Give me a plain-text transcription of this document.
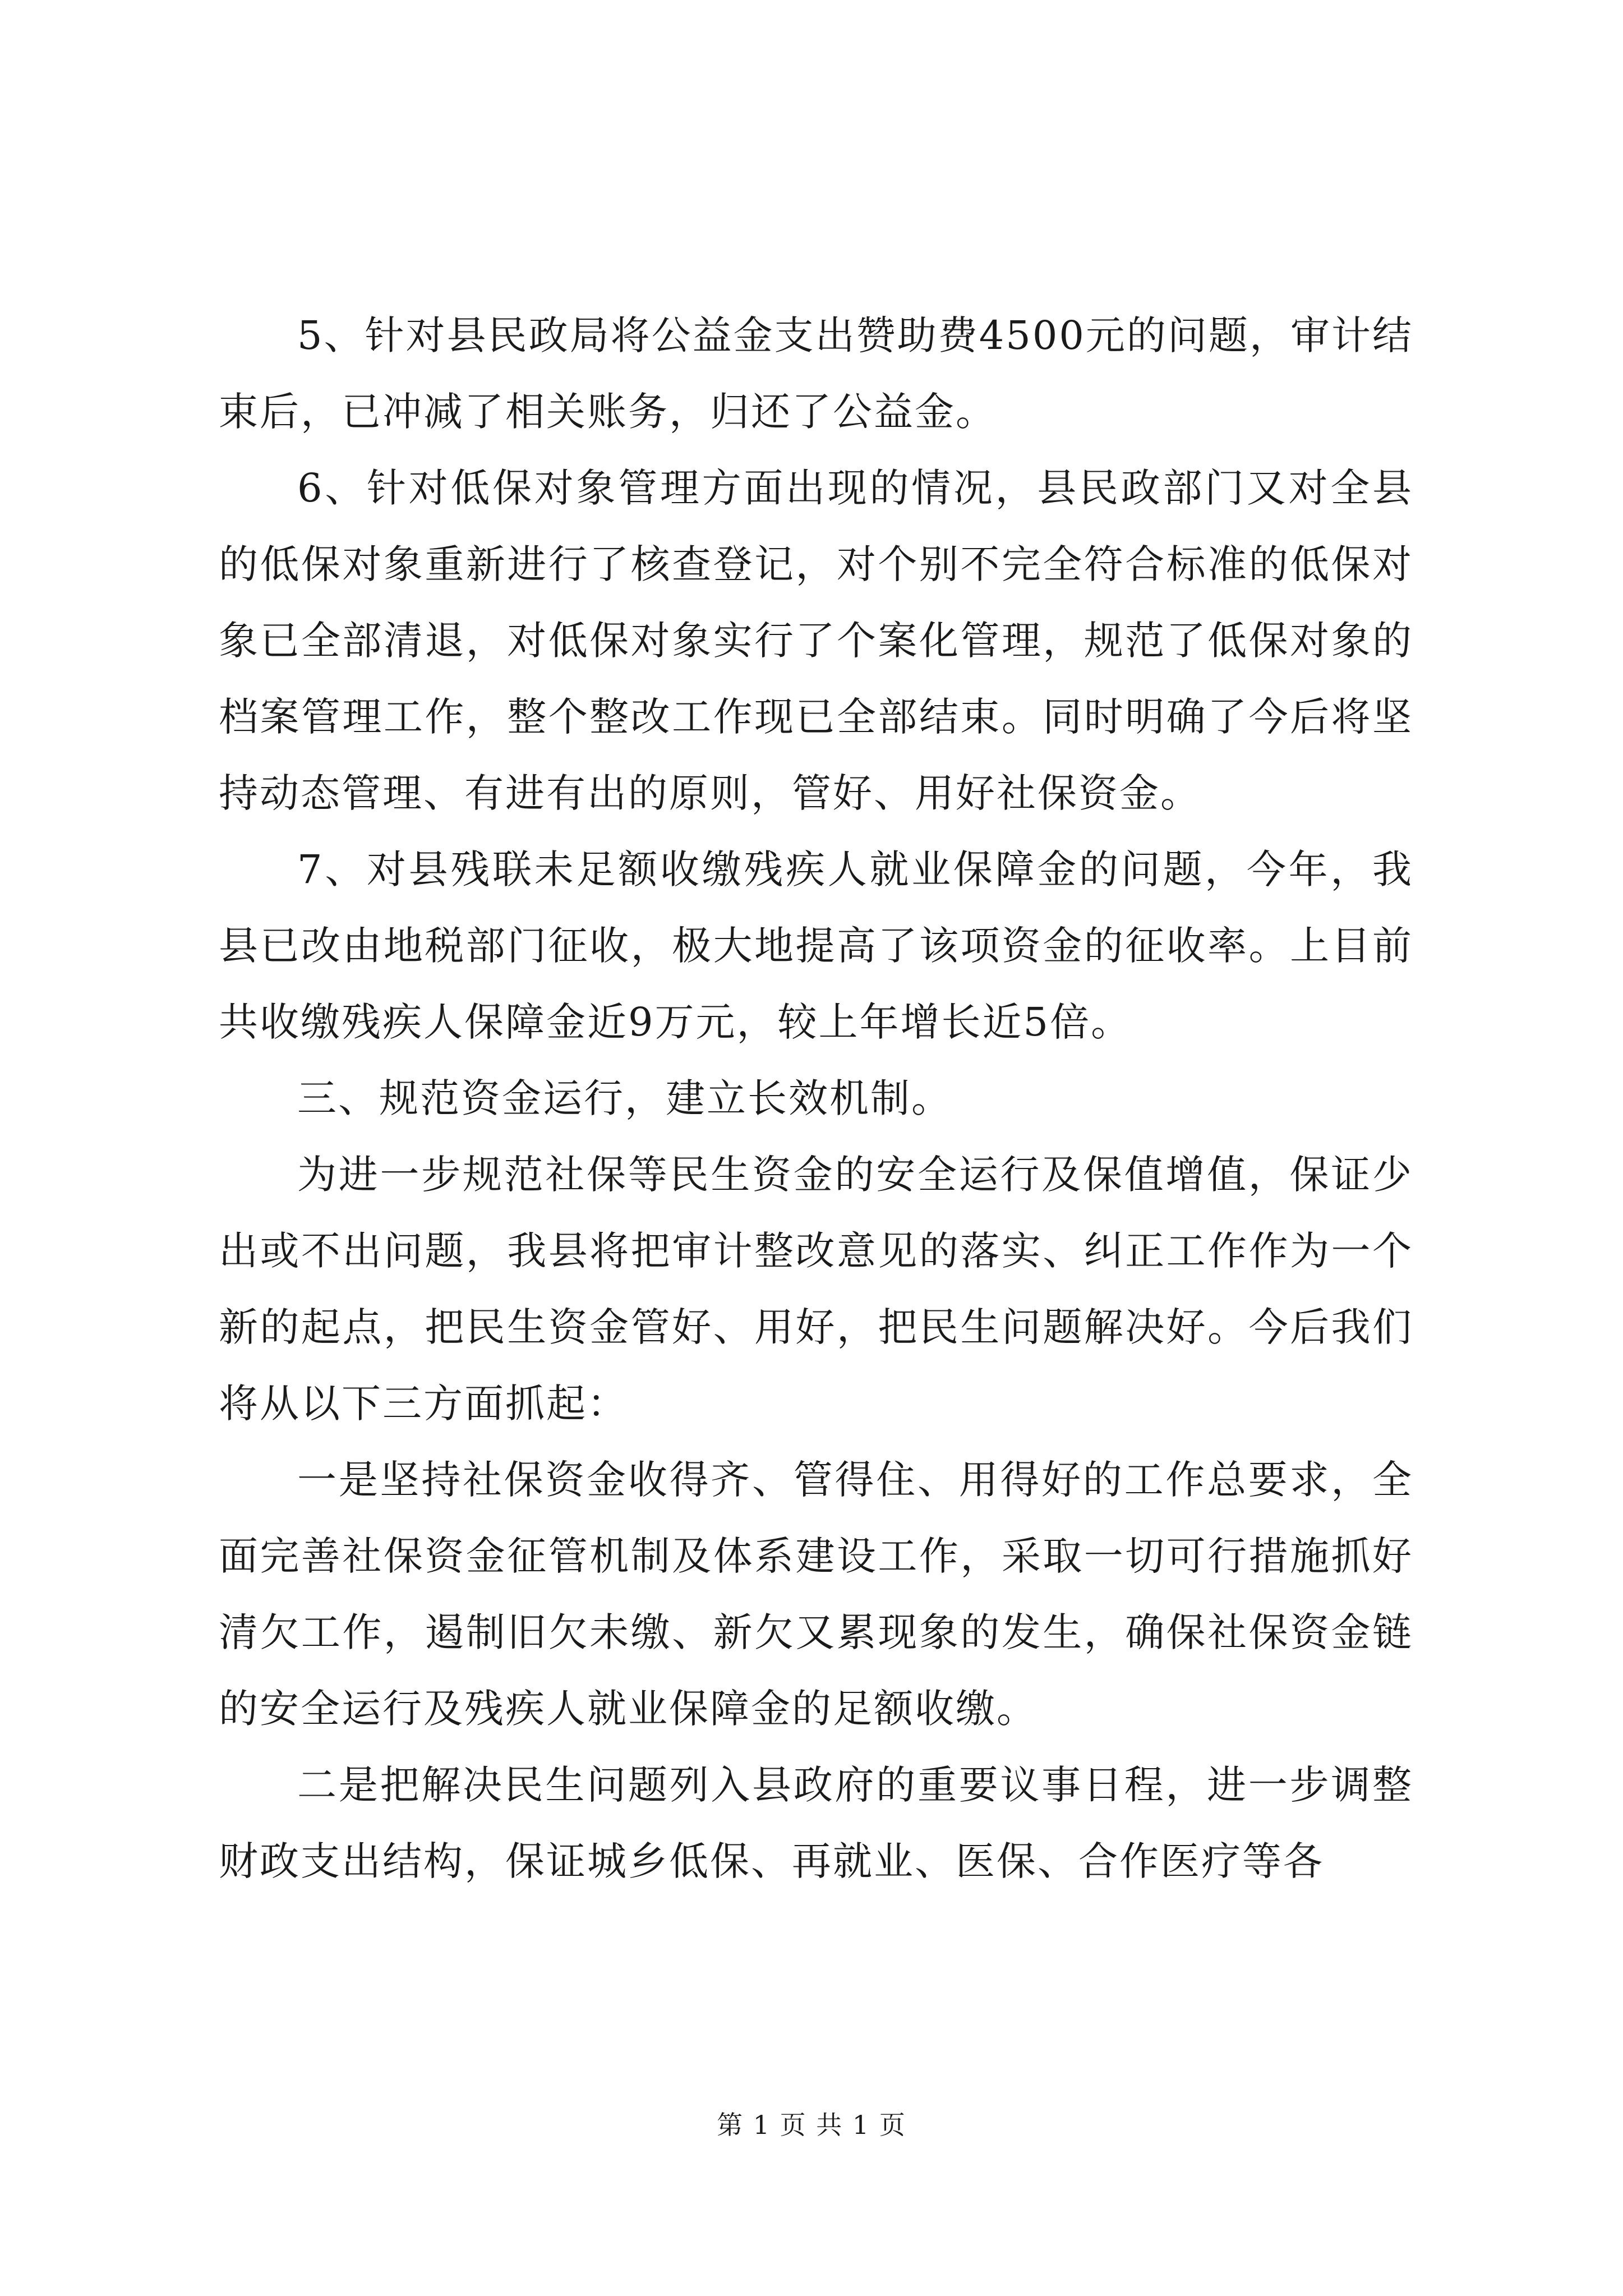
5、针对县民政局将公益金支出赞助费4500元的问题，审计结束后，已冲减了相关账务，归还了公益金。

6、针对低保对象管理方面出现的情况，县民政部门又对全县的低保对象重新进行了核查登记，对个别不完全符合标准的低保对象已全部清退，对低保对象实行了个案化管理，规范了低保对象的档案管理工作，整个整改工作现已全部结束。同时明确了今后将坚持动态管理、有进有出的原则，管好、用好社保资金。

7、对县残联未足额收缴残疾人就业保障金的问题，今年，我县已改由地税部门征收，极大地提高了该项资金的征收率。上目前共收缴残疾人保障金近9万元，较上年增长近5倍。

三、规范资金运行，建立长效机制。

为进一步规范社保等民生资金的安全运行及保值增值，保证少出或不出问题，我县将把审计整改意见的落实、纠正工作作为一个新的起点，把民生资金管好、用好，把民生问题解决好。今后我们将从以下三方面抓起：

一是坚持社保资金收得齐、管得住、用得好的工作总要求，全面完善社保资金征管机制及体系建设工作，采取一切可行措施抓好清欠工作，遏制旧欠未缴、新欠又累现象的发生，确保社保资金链的安全运行及残疾人就业保障金的足额收缴。

二是把解决民生问题列入县政府的重要议事日程，进一步调整财政支出结构，保证城乡低保、再就业、医保、合作医疗等各

第 1 页 共 1 页
